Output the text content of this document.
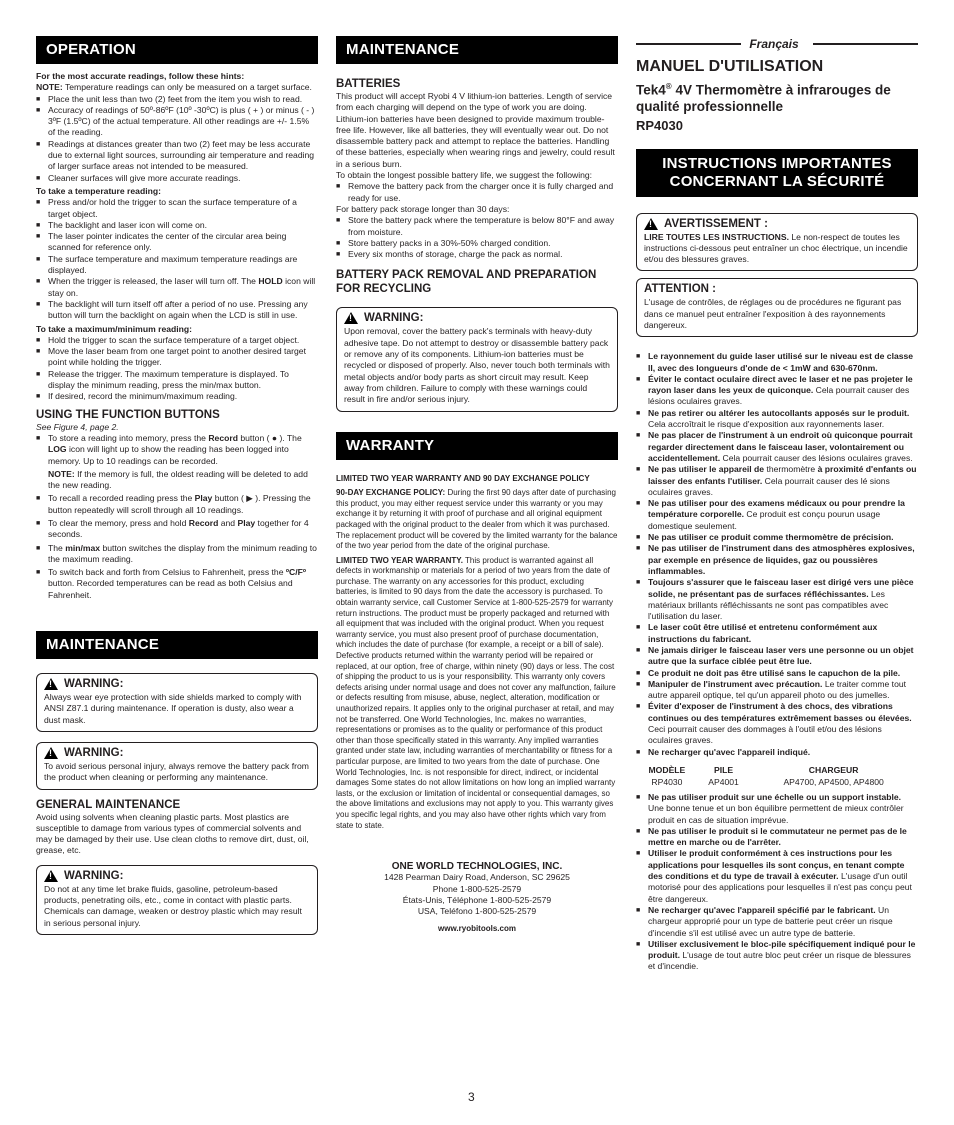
OPERATION

For the most accurate readings, follow these hints:

NOTE: Temperature readings can only be measured on a target surface.

■ Place the unit less than two (2) feet from the item you wish to read.
■ Accuracy of readings of 50º-86ºF (10º -30ºC) is plus ( + ) or minus ( - ) 3ºF (1.5ºC) of the actual temperature. All other readings are +/- 1.5% of the reading.
■ Readings at distances greater than two (2) feet may be less accurate due to external light sources, surrounding air temperature and reading of larger surface areas not intended to be measured.
■ Cleaner surfaces will give more accurate readings.

To take a temperature reading:

■ Press and/or hold the trigger to scan the surface temperature of a target object.
■ The backlight and laser icon will come on.
■ The laser pointer indicates the center of the circular area being scanned for reference only.
■ The surface temperature and maximum temperature readings are displayed.
■ When the trigger is released, the laser will turn off. The HOLD icon will stay on.
■ The backlight will turn itself off after a period of no use. Pressing any button will turn the backlight on again when the LCD is still in use.

To take a maximum/minimum reading:

■ Hold the trigger to scan the surface temperature of a target object.
■ Move the laser beam from one target point to another desired target point while holding the trigger.
■ Release the trigger. The maximum temperature is displayed. To display the minimum reading, press the min/max button.
■ If desired, record the minimum/maximum reading.
USING THE FUNCTION BUTTONS

See Figure 4, page 2.

■ To store a reading into memory, press the Record button ( ● ). The LOG icon will light up to show the reading has been logged into memory. Up to 10 readings can be recorded.
NOTE: If the memory is full, the oldest reading will be deleted to add the new reading.
■ To recall a recorded reading press the Play button ( ▶ ). Pressing the button repeatedly will scroll through all 10 readings.
■ To clear the memory, press and hold Record and Play together for 4 seconds.
■ The min/max button switches the display from the minimum reading to the maximum reading.
■ To switch back and forth from Celsius to Fahrenheit, press the ºC/Fº button. Recorded temperatures can be read as both Celsius and Fahrenheit.
MAINTENANCE
!
WARNING:

Always wear eye protection with side shields marked to comply with ANSI Z87.1 during maintenance. If operation is dusty, also wear a dust mask.

!
WARNING:

To avoid serious personal injury, always remove the battery pack from the product when cleaning or performing any maintenance.

GENERAL MAINTENANCE

Avoid using solvents when cleaning plastic parts. Most plastics are susceptible to damage from various types of commercial solvents and may be damaged by their use. Use clean cloths to remove dirt, dust, oil, grease, etc.

!
WARNING:

Do not at any time let brake fluids, gasoline, petroleum-based products, penetrating oils, etc., come in contact with plastic parts. Chemicals can damage, weaken or destroy plastic which may result in serious personal injury.

MAINTENANCE
BATTERIES

This product will accept Ryobi 4 V lithium-ion batteries. Length of service from each charging will depend on the type of work you are doing.

Lithium-ion batteries have been designed to provide maximum trouble-free life. However, like all batteries, they will eventually wear out. Do not disassemble battery pack and attempt to replace the batteries. Handling of these batteries, especially when wearing rings and jewelry, could result in a serious burn.

To obtain the longest possible battery life, we suggest the following:

■ Remove the battery pack from the charger once it is fully charged and ready for use.

For battery pack storage longer than 30 days:

■ Store the battery pack where the temperature is below 80°F and away from moisture.
■ Store battery packs in a 30%-50% charged condition.
■ Every six months of storage, charge the pack as normal.
BATTERY PACK REMOVAL AND PREPARATION FOR RECYCLING
!
WARNING:

Upon removal, cover the battery pack's terminals with heavy-duty adhesive tape. Do not attempt to destroy or disassemble battery pack or remove any of its components. Lithium-ion batteries must be recycled or disposed of properly. Also, never touch both terminals with metal objects and/or body parts as short circuit may result. Keep away from children. Failure to comply with these warnings could result in fire and/or serious injury.

WARRANTY

LIMITED TWO YEAR WARRANTY AND 90 DAY EXCHANGE POLICY

90-DAY EXCHANGE POLICY: During the first 90 days after date of purchasing this product, you may either request service under this warranty or you may exchange it by returning it with proof of purchase and all original equipment packaged with the original product to the dealer from which it was purchased. The replacement product will be covered by the limited warranty for the balance of the two year period from the date of the original purchase.

LIMITED TWO YEAR WARRANTY. This product is warranted against all defects in workmanship or materials for a period of two years from the date of purchase. The warranty on any accessories for this product, excluding batteries, is limited to 90 days from the date the accessory is purchased. To obtain warranty service, call Customer Service at 1-800-525-2579 for warranty return instructions. The product must be properly packaged and returned with all equipment that was included with the original product. When you request warranty service, you must also present proof of purchase documentation, which includes the date of purchase (for example, a receipt or a bill of sale). Defective products returned within the warranty period will be repaired or replaced, at our option, free of charge, within ninety (90) days or less. The cost of shipping the product to us is your responsibility. This warranty only covers defects arising under normal usage and does not cover any malfunction, failure or defects resulting from misuse, abuse, neglect, alteration, modification or unauthorized repairs. It applies only to the original purchaser at retail, and may not be transferred. One World Technologies, Inc. makes no warranties, representations or promises as to the quality or performance of this product other than those specifically stated in this warranty. Any implied warranties granted under state law, including warranties of merchantability or fitness for a particular purpose, are limited to two years from the date of purchase. One World Technologies, Inc. is not responsible for direct, indirect, or incidental damages Some states do not allow limitations on how long an implied warranty lasts, or the exclusion or limitation of incidental or consequential damages, so the above limitations and exclusions may not apply to you. This warranty gives you specific legal rights, and you may also have other rights which vary from state to state.

ONE WORLD TECHNOLOGIES, INC.

1428 Pearman Dairy Road, Anderson, SC 29625

Phone 1-800-525-2579

États-Unis, Téléphone 1-800-525-2579

USA, Teléfono 1-800-525-2579

www.ryobitools.com

Français
MANUEL D'UTILISATION
Tek4® 4V Thermomètre à infrarouges de qualité professionnelle
RP4030
INSTRUCTIONS IMPORTANTES CONCERNANT LA SÉCURITÉ
!
AVERTISSEMENT :

LIRE TOUTES LES INSTRUCTIONS. Le non-respect de toutes les instructions ci-dessous peut entraîner un choc électrique, un incendie et/ou des blessures graves.

ATTENTION :

L'usage de contrôles, de réglages ou de procédures ne figurant pas dans ce manuel peut entraîner l'exposition à des rayonnements dangereux.

■ Le rayonnement du guide laser utilisé sur le niveau est de classe II, avec des longueurs d'onde de < 1mW and 630-670nm.
■ Éviter le contact oculaire direct avec le laser et ne pas projeter le rayon laser dans les yeux de quiconque. Cela pourrait causer des lésions oculaires graves.
■ Ne pas retirer ou altérer les autocollants apposés sur le produit. Cela accroîtrait le risque d'exposition aux rayonnements laser.
■ Ne pas placer de l'instrument à un endroit où quiconque pourrait regarder directement dans le faisceau laser, volontairement ou accidentellement. Cela pourrait causer des lésions oculaires graves.
■ Ne pas utiliser le appareil de thermomètre à proximité d'enfants ou laisser des enfants l'utiliser. Cela pourrait causer des lé sions oculaires graves.
■ Ne pas utiliser pour des examens médicaux ou pour prendre la température corporelle. Ce produit est conçu pourun usage domestique seulement.
■ Ne pas utiliser ce produit comme thermomètre de précision.
■ Ne pas utiliser de l'instrument dans des atmosphères explosives, par exemple en présence de liquides, gaz ou poussières inflammables.
■ Toujours s'assurer que le faisceau laser est dirigé vers une pièce solide, ne présentant pas de surfaces réfléchissantes. Les matériaux brillants réfléchissants ne sont pas compatibles avec l'utilisation du laser.
■ Le laser coût être utilisé et entretenu conformément aux instructions du fabricant.
■ Ne jamais diriger le faisceau laser vers une personne ou un objet autre que la surface ciblée peut être lue.
■ Ce produit ne doit pas être utilisé sans le capuchon de la pile.
■ Manipuler de l'instrument avec précaution. Le traiter comme tout autre appareil optique, tel qu'un appareil photo ou des jumelles.
■ Éviter d'exposer de l'instrument à des chocs, des vibrations continues ou des températures extrêmement basses ou élevées. Ceci pourrait causer des dommages à l'outil et/ou des lésions oculaires graves.
■ Ne recharger qu'avec l'appareil indiqué.
MODÈLE	PILE	CHARGEUR
RP4030	AP4001	AP4700, AP4500, AP4800
■ Ne pas utiliser produit sur une échelle ou un support instable. Une bonne tenue et un bon équilibre permettent de mieux contrôler produit en cas de situation imprévue.
■ Ne pas utiliser le produit si le commutateur ne permet pas de le mettre en marche ou de l'arrêter.
■ Utiliser le produit conformément à ces instructions pour les applications pour lesquelles ils sont conçus, en tenant compte des conditions et du type de travail à exécuter. L'usage d'un outil motorisé pour des applications pour lesquelles il n'est pas conçu peut être dangereux.
■ Ne recharger qu'avec l'appareil spécifié par le fabricant. Un chargeur approprié pour un type de batterie peut créer un risque d'incendie s'il est utilisé avec un autre type de batterie.
■ Utiliser exclusivement le bloc-pile spécifiquement indiqué pour le produit. L'usage de tout autre bloc peut créer un risque de blessures et d'incendie.
3
